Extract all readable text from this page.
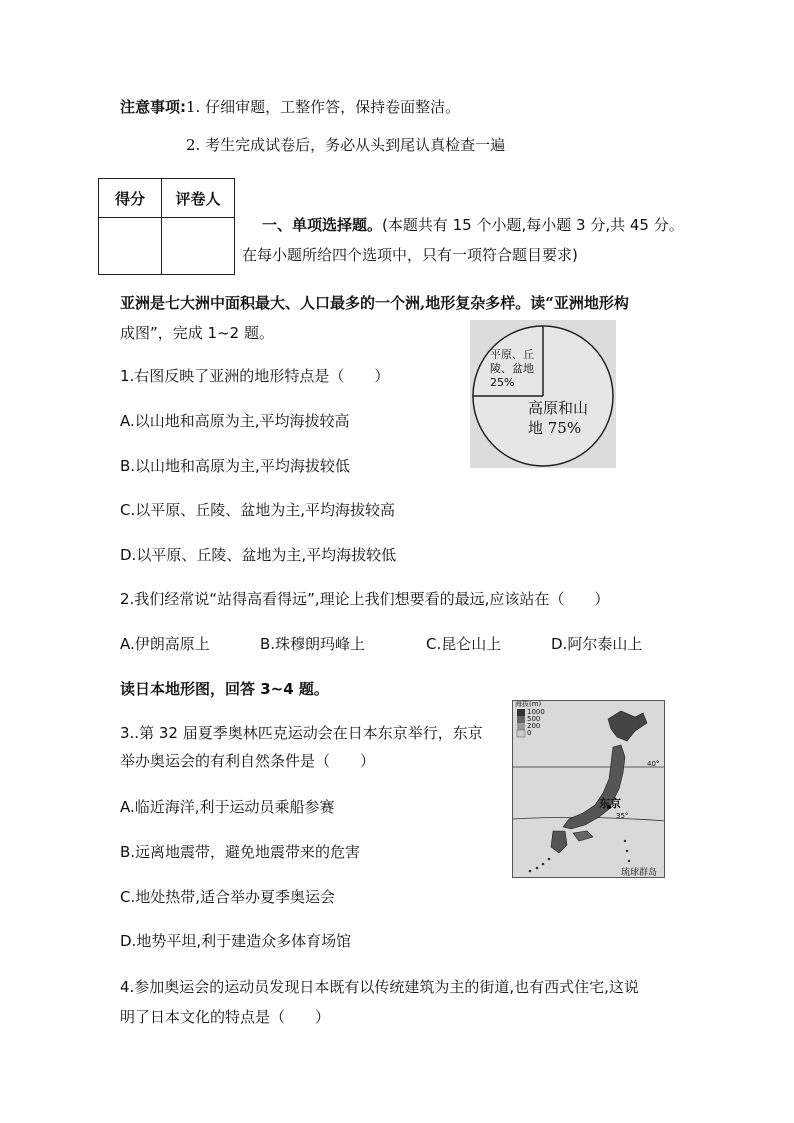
注意事项:1. 仔细审题，工整作答，保持卷面整洁。
2. 考生完成试卷后，务必从头到尾认真检查一遍
得分	评卷人

一、单项选择题。(本题共有 15 个小题,每小题 3 分,共 45 分。
在每小题所给四个选项中，只有一项符合题目要求)
亚洲是七大洲中面积最大、人口最多的一个洲,地形复杂多样。读“亚洲地形构
成图”，完成 1~2 题。
平原、丘
陵、盆地
25%
高原和山
地 75%
1.右图反映了亚洲的地形特点是（　　）
A.以山地和高原为主,平均海拔较高
B.以山地和高原为主,平均海拔较低
C.以平原、丘陵、盆地为主,平均海拔较高
D.以平原、丘陵、盆地为主,平均海拔较低
2.我们经常说“站得高看得远”,理论上我们想要看的最远,应该站在（　　）
A.伊朗高原上	B.珠穆朗玛峰上	C.昆仑山上	D.阿尔泰山上
读日本地形图，回答 3~4 题。
海拔(m)
1000
500
200
0
40°
35°
东京
琉球群岛
3..第 32 届夏季奥林匹克运动会在日本东京举行，东京
举办奥运会的有利自然条件是（　　）
A.临近海洋,利于运动员乘船参赛
B.远离地震带，避免地震带来的危害
C.地处热带,适合举办夏季奥运会
D.地势平坦,利于建造众多体育场馆
4.参加奥运会的运动员发现日本既有以传统建筑为主的街道,也有西式住宅,这说
明了日本文化的特点是（　　）
